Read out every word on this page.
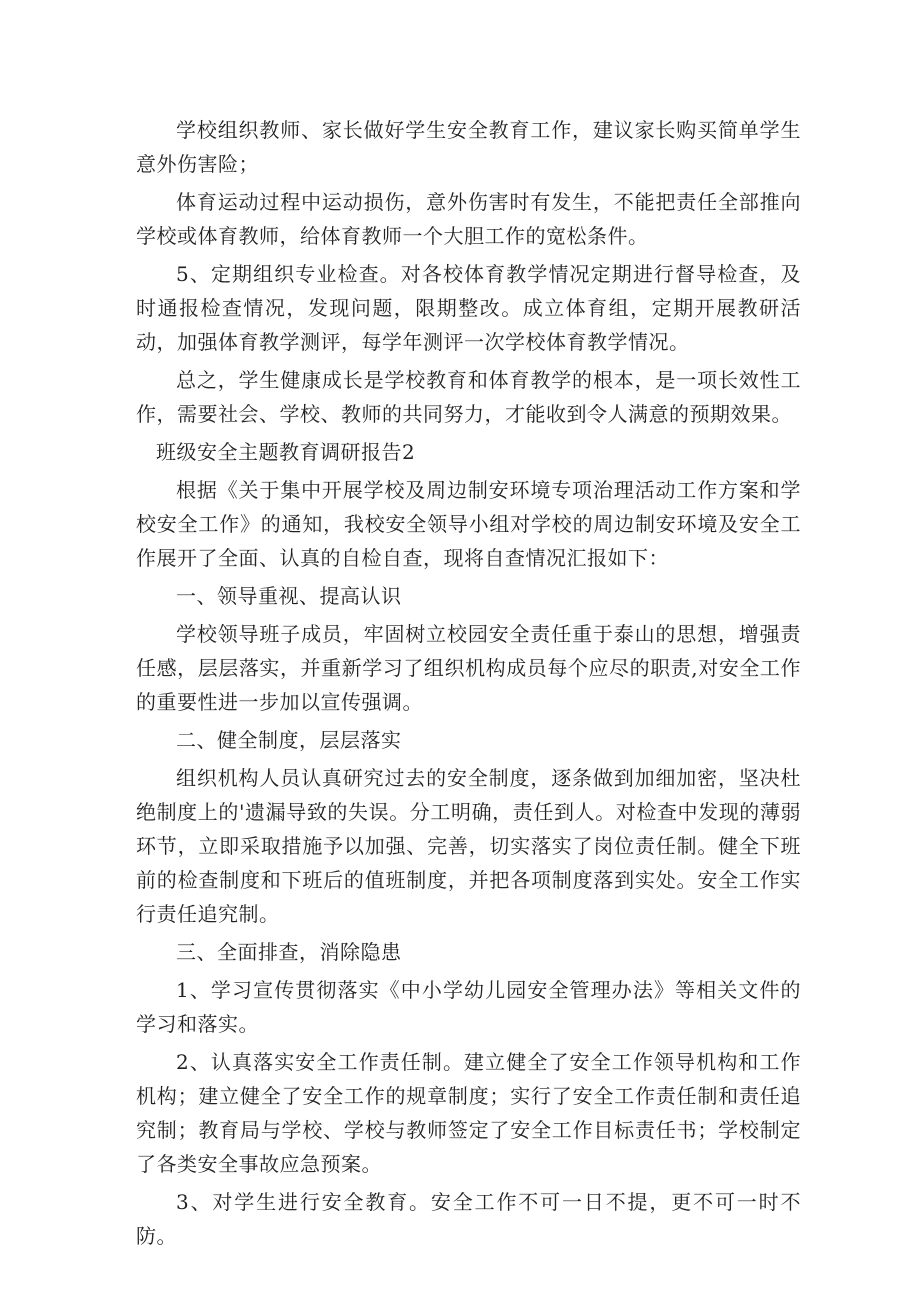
学校组织教师、家长做好学生安全教育工作，建议家长购买简单学生意外伤害险；

体育运动过程中运动损伤，意外伤害时有发生，不能把责任全部推向学校或体育教师，给体育教师一个大胆工作的宽松条件。

5、定期组织专业检查。对各校体育教学情况定期进行督导检查，及时通报检查情况，发现问题，限期整改。成立体育组，定期开展教研活动，加强体育教学测评，每学年测评一次学校体育教学情况。

总之，学生健康成长是学校教育和体育教学的根本，是一项长效性工作，需要社会、学校、教师的共同努力，才能收到令人满意的预期效果。

班级安全主题教育调研报告2

根据《关于集中开展学校及周边制安环境专项治理活动工作方案和学校安全工作》的通知，我校安全领导小组对学校的周边制安环境及安全工作展开了全面、认真的自检自查，现将自查情况汇报如下：

一、领导重视、提高认识

学校领导班子成员，牢固树立校园安全责任重于泰山的思想，增强责任感，层层落实，并重新学习了组织机构成员每个应尽的职责,对安全工作的重要性进一步加以宣传强调。

二、健全制度，层层落实

组织机构人员认真研究过去的安全制度，逐条做到加细加密，坚决杜绝制度上的'遗漏导致的失误。分工明确，责任到人。对检查中发现的薄弱环节，立即采取措施予以加强、完善，切实落实了岗位责任制。健全下班前的检查制度和下班后的值班制度，并把各项制度落到实处。安全工作实行责任追究制。

三、全面排查，消除隐患

1、学习宣传贯彻落实《中小学幼儿园安全管理办法》等相关文件的学习和落实。

2、认真落实安全工作责任制。建立健全了安全工作领导机构和工作机构；建立健全了安全工作的规章制度；实行了安全工作责任制和责任追究制；教育局与学校、学校与教师签定了安全工作目标责任书；学校制定了各类安全事故应急预案。

3、对学生进行安全教育。安全工作不可一日不提，更不可一时不防。
